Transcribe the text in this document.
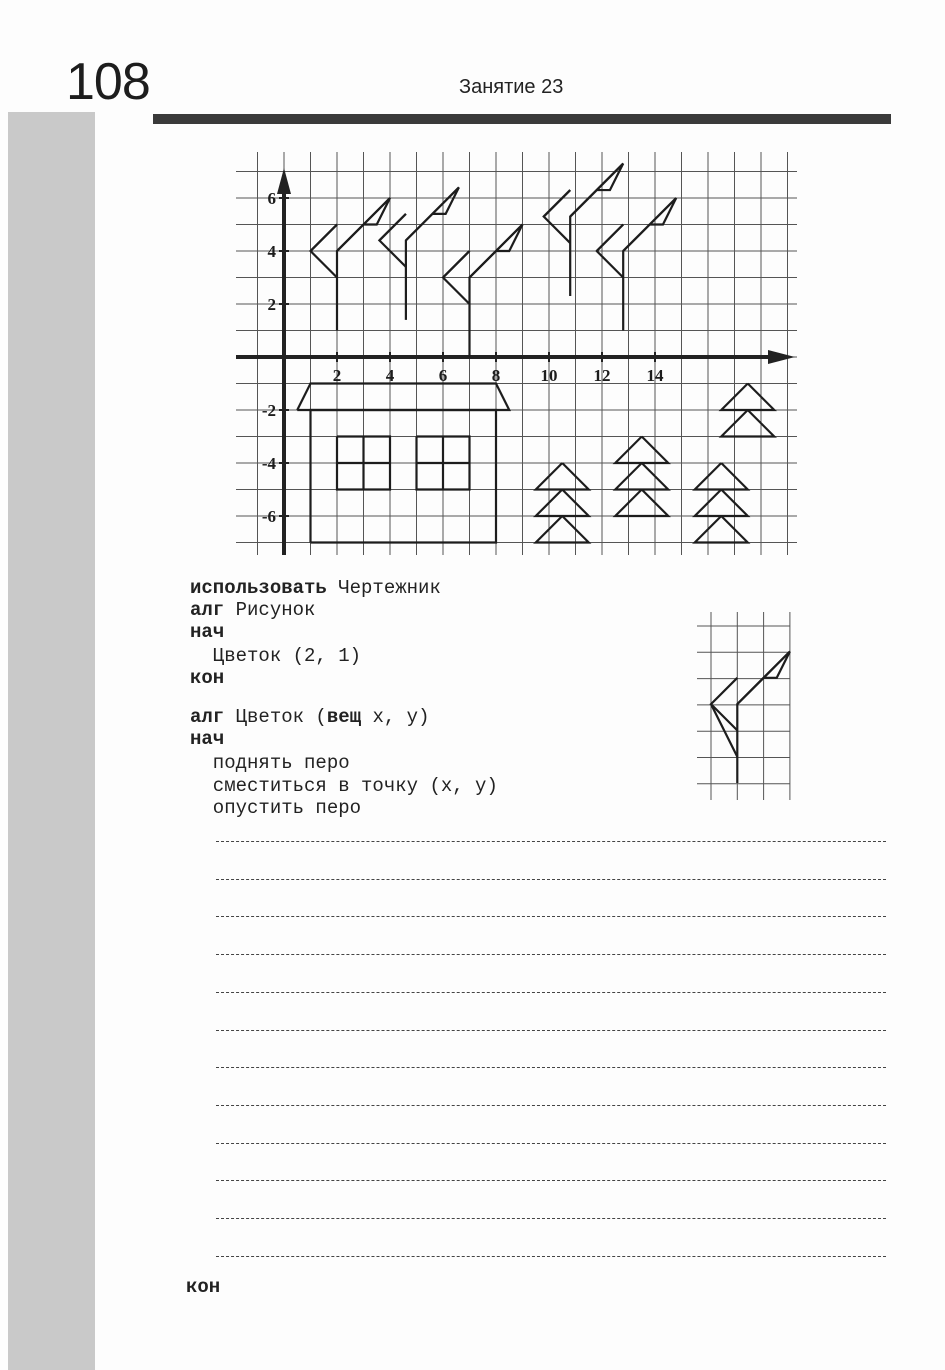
108	Занятие 23
2	4	6	8 10 12 14
6
4
2
-2
-4
-6
использовать Чертежник
алг Рисунок
нач
Цветок (2, 1)
кон
алг Цветок (вещ x, y)
нач
поднять перо
сместиться в точку (x, y)
опустить перо
кон
